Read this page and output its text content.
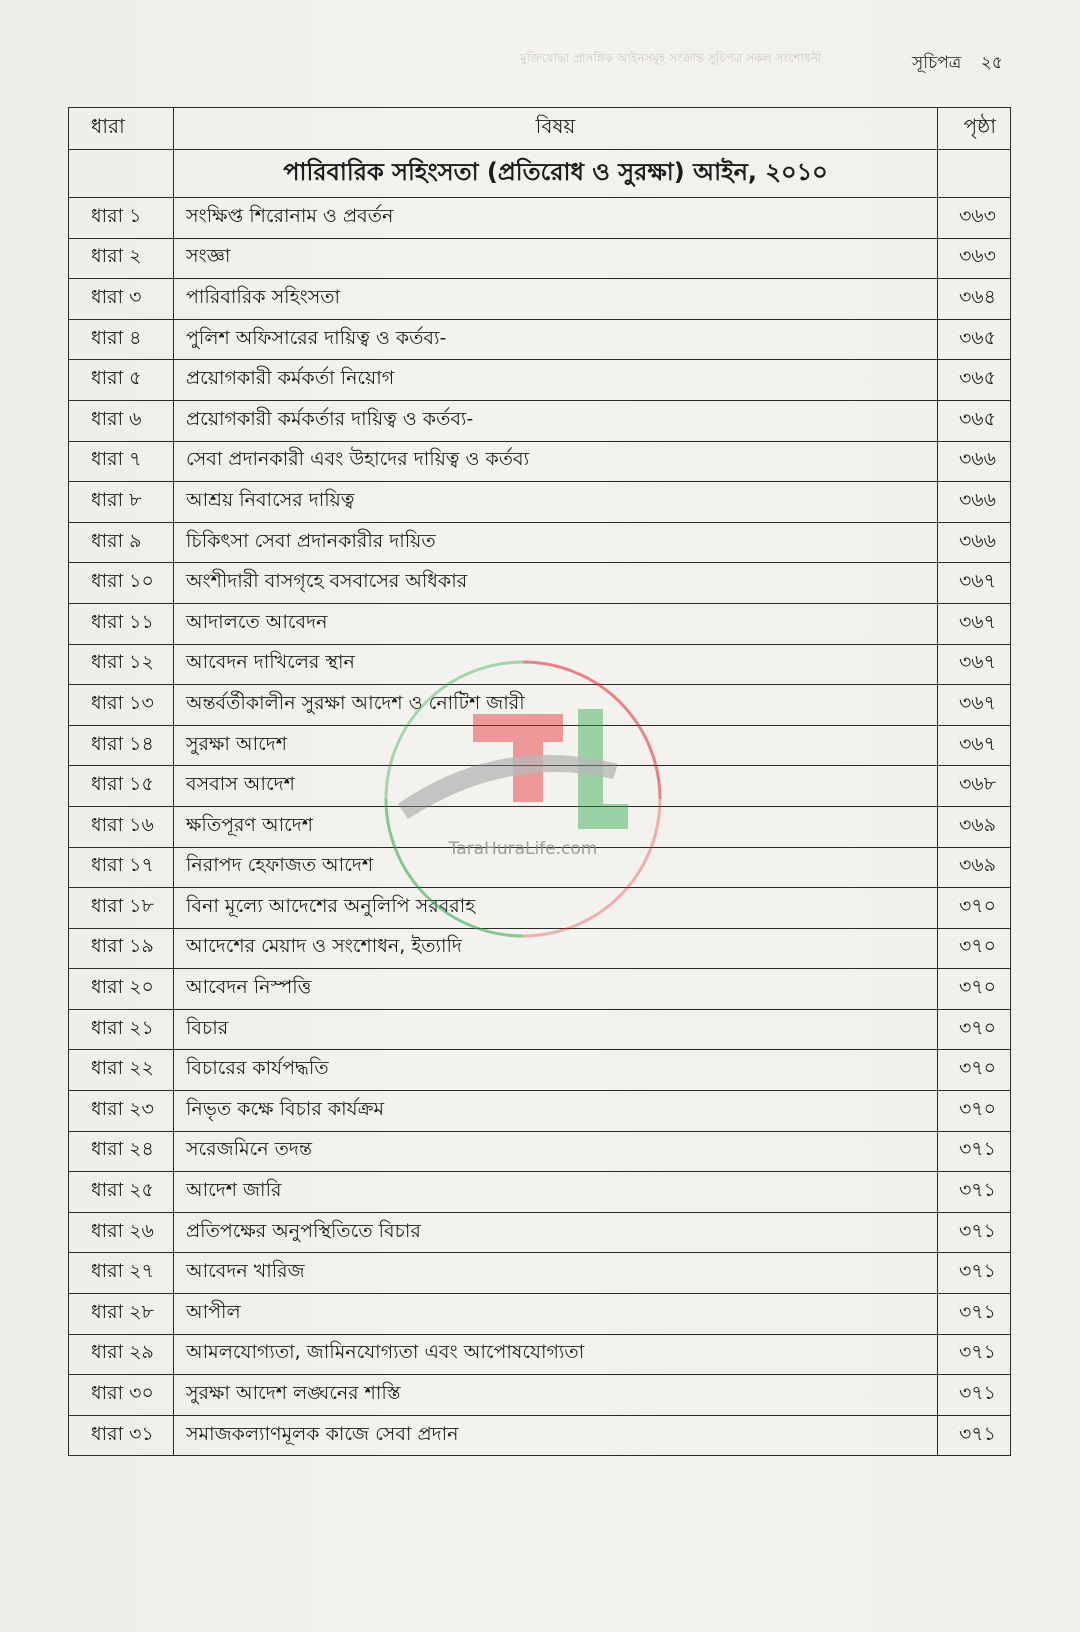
মুক্তিযোদ্ধা প্রাসঙ্গিক আইনসমূহ সংক্রান্ত সূচিপত্র সকল সংশোধনী	সূচিপত্র ২৫
ধারা	বিষয়	পৃষ্ঠা
	পারিবারিক সহিংসতা (প্রতিরোধ ও সুরক্ষা) আইন, ২০১০	
ধারা ১	সংক্ষিপ্ত শিরোনাম ও প্রবর্তন	৩৬৩
ধারা ২	সংজ্ঞা	৩৬৩
ধারা ৩	পারিবারিক সহিংসতা	৩৬৪
ধারা ৪	পুলিশ অফিসারের দায়িত্ব ও কর্তব্য-	৩৬৫
ধারা ৫	প্রয়োগকারী কর্মকর্তা নিয়োগ	৩৬৫
ধারা ৬	প্রয়োগকারী কর্মকর্তার দায়িত্ব ও কর্তব্য-	৩৬৫
ধারা ৭	সেবা প্রদানকারী এবং উহাদের দায়িত্ব ও কর্তব্য	৩৬৬
ধারা ৮	আশ্রয় নিবাসের দায়িত্ব	৩৬৬
ধারা ৯	চিকিৎসা সেবা প্রদানকারীর দায়িত	৩৬৬
ধারা ১০	অংশীদারী বাসগৃহে বসবাসের অধিকার	৩৬৭
ধারা ১১	আদালতে আবেদন	৩৬৭
ধারা ১২	আবেদন দাখিলের স্থান	৩৬৭
ধারা ১৩	অন্তর্বর্তীকালীন সুরক্ষা আদেশ ও নোটিশ জারী	৩৬৭
ধারা ১৪	সুরক্ষা আদেশ	৩৬৭
ধারা ১৫	বসবাস আদেশ	৩৬৮
ধারা ১৬	ক্ষতিপূরণ আদেশ	৩৬৯
ধারা ১৭	নিরাপদ হেফাজত আদেশ	৩৬৯
ধারা ১৮	বিনা মূল্যে আদেশের অনুলিপি সরবরাহ	৩৭০
ধারা ১৯	আদেশের মেয়াদ ও সংশোধন, ইত্যাদি	৩৭০
ধারা ২০	আবেদন নিস্পত্তি	৩৭০
ধারা ২১	বিচার	৩৭০
ধারা ২২	বিচারের কার্যপদ্ধতি	৩৭০
ধারা ২৩	নিভৃত কক্ষে বিচার কার্যক্রম	৩৭০
ধারা ২৪	সরেজমিনে তদন্ত	৩৭১
ধারা ২৫	আদেশ জারি	৩৭১
ধারা ২৬	প্রতিপক্ষের অনুপস্থিতিতে বিচার	৩৭১
ধারা ২৭	আবেদন খারিজ	৩৭১
ধারা ২৮	আপীল	৩৭১
ধারা ২৯	আমলযোগ্যতা, জামিনযোগ্যতা এবং আপোষযোগ্যতা	৩৭১
ধারা ৩০	সুরক্ষা আদেশ লঙ্ঘনের শাস্তি	৩৭১
ধারা ৩১	সমাজকল্যাণমূলক কাজে সেবা প্রদান	৩৭১
TaraHuraLife.com
